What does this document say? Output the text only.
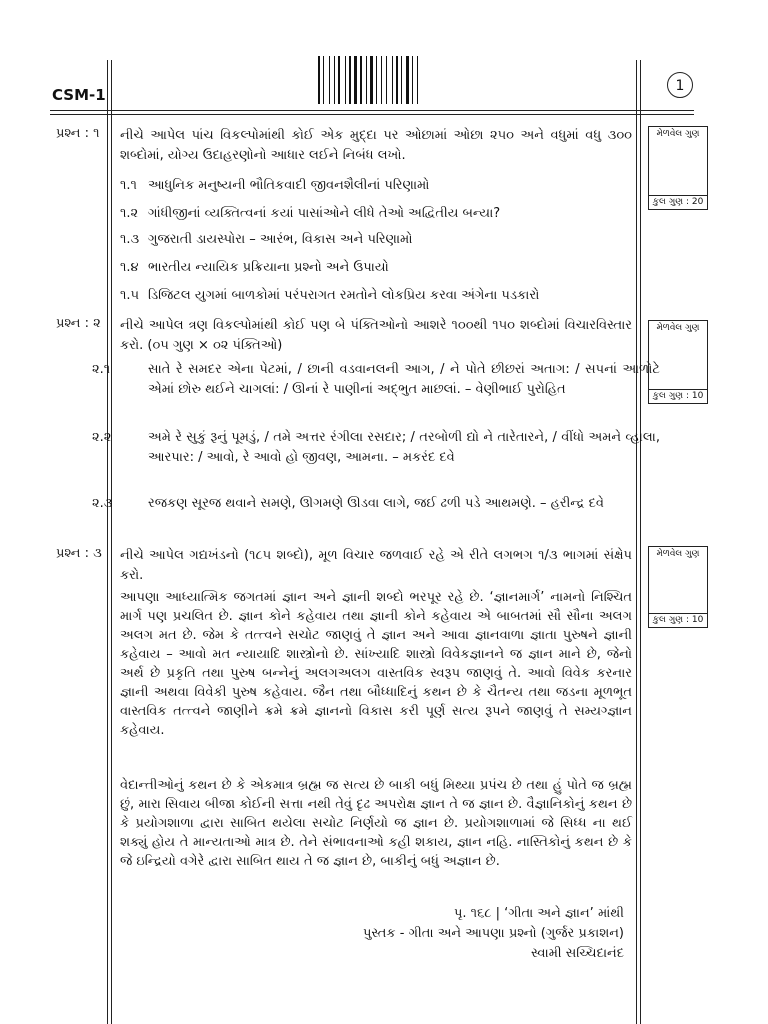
CSM-1	1
પ્રશ્ન : ૧ નીચે આપેલ પાંચ વિકલ્પોમાંથી કોઈ એક મુદ્દા પર ઓછામાં ઓછા ૨૫૦ અને વધુમાં વધુ ૩૦૦ શબ્દોમાં, યોગ્ય ઉદાહરણોનો આધાર લઈને નિબંધ લખો.

૧.૧ આધુનિક મનુષ્યની ભૌતિકવાદી જીવનશૈલીનાં પરિણામો

૧.૨ ગાંધીજીનાં વ્યક્તિત્વનાં કયાં પાસાંઓને લીધે તેઓ અદ્વિતીય બન્યા?

૧.૩ ગુજરાતી ડાયસ્પોરા – આરંભ, વિકાસ અને પરિણામો

૧.૪ ભારતીય ન્યાયિક પ્રક્રિયાના પ્રશ્નો અને ઉપાયો

૧.૫ ડિજિટલ યુગમાં બાળકોમાં પરંપરાગત રમતોને લોકપ્રિય કરવા અંગેના પડકારો

મેળવેલ ગુણ
કુલ ગુણ : 20
પ્રશ્ન : ૨ નીચે આપેલ ત્રણ વિકલ્પોમાંથી કોઈ પણ બે પંક્તિઓનો આશરે ૧૦૦થી ૧૫૦ શબ્દોમાં વિચારવિસ્તાર કરો. (૦૫ ગુણ × ૦૨ પંક્તિઓ)

૨.૧	સાતે રે સમદર એના પેટમાં, / છાની વડવાનલની આગ, / ને પોતે છીછરાં અતાગ: / સપનાં આળોટે એમાં છોરુ થઈને ચાગલાં: / ઊનાં રે પાણીનાં અદ્ભુત માછલાં. – વેણીભાઈ પુરોહિત

૨.૨	અમે રે સુકું રૂનું પૂમડું, / તમે અત્તર રંગીલા રસદાર; / તરબોળી દ્યો ને તારેતારને, / વીંધો અમને વ્હાલા, આરપાર: / આવો, રે આવો હો જીવણ, આમના. – મકરંદ દવે

૨.૩	રજકણ સૂરજ થવાને સમણે, ઊગમણે ઊડવા લાગે, જઈ ઢળી પડે આથમણે. – હરીન્દ્ર દવે

મેળવેલ ગુણ
કુલ ગુણ : 10
પ્રશ્ન : ૩ નીચે આપેલ ગદ્યખંડનો (૧૮૫ શબ્દો), મૂળ વિચાર જળવાઈ રહે એ રીતે લગભગ ૧/૩ ભાગમાં સંક્ષેપ કરો.

આપણા આધ્યાત્મિક જગતમાં જ્ઞાન અને જ્ઞાની શબ્દો ભરપૂર રહે છે. ‘જ્ઞાનમાર્ગ’ નામનો નિશ્ચિત માર્ગ પણ પ્રચલિત છે. જ્ઞાન કોને કહેવાય તથા જ્ઞાની કોને કહેવાય એ બાબતમાં સૌ સૌના અલગ અલગ મત છે. જેમ કે તત્ત્વને સચોટ જાણવું તે જ્ઞાન અને આવા જ્ઞાનવાળા જ્ઞાતા પુરુષને જ્ઞાની કહેવાય – આવો મત ન્યાયાદિ શાસ્ત્રોનો છે. સાંખ્યાદિ શાસ્ત્રો વિવેકજ્ઞાનને જ જ્ઞાન માને છે, જેનો અર્થ છે પ્રકૃતિ તથા પુરુષ બન્નેનું અલગઅલગ વાસ્તવિક સ્વરૂપ જાણવું તે. આવો વિવેક કરનાર જ્ઞાની અથવા વિવેકી પુરુષ કહેવાય. જૈન તથા બૌધ્ધાદિનું કથન છે કે ચૈતન્ય તથા જડના મૂળભૂત વાસ્તવિક તત્ત્વને જાણીને ક્રમે ક્રમે જ્ઞાનનો વિકાસ કરી પૂર્ણ સત્ય રૂપને જાણવું તે સમ્યગ્જ્ઞાન કહેવાય.

વેદાન્તીઓનું કથન છે કે એકમાત્ર બ્રહ્મ જ સત્ય છે બાકી બધું મિથ્યા પ્રપંચ છે તથા હું પોતે જ બ્રહ્મ છું, મારા સિવાય બીજા કોઈની સત્તા નથી તેવું દૃઢ અપરોક્ષ જ્ઞાન તે જ જ્ઞાન છે. વૈજ્ઞાનિકોનું કથન છે કે પ્રયોગશાળા દ્વારા સાબિત થયેલા સચોટ નિર્ણયો જ જ્ઞાન છે. પ્રયોગશાળામાં જે સિધ્ધ ના થઈ શક્યું હોય તે માન્યતાઓ માત્ર છે. તેને સંભાવનાઓ કહી શકાય, જ્ઞાન નહિ. નાસ્તિકોનું કથન છે કે જે ઇન્દ્રિયો વગેરે દ્વારા સાબિત થાય તે જ જ્ઞાન છે, બાકીનું બધું અજ્ઞાન છે.

પૃ. ૧૬૮ | ‘ગીતા અને જ્ઞાન’ માંથી
પુસ્તક - ગીતા અને આપણા પ્રશ્નો (ગુર્જર પ્રકાશન)
સ્વામી સચ્ચિદાનંદ
મેળવેલ ગુણ
કુલ ગુણ : 10
